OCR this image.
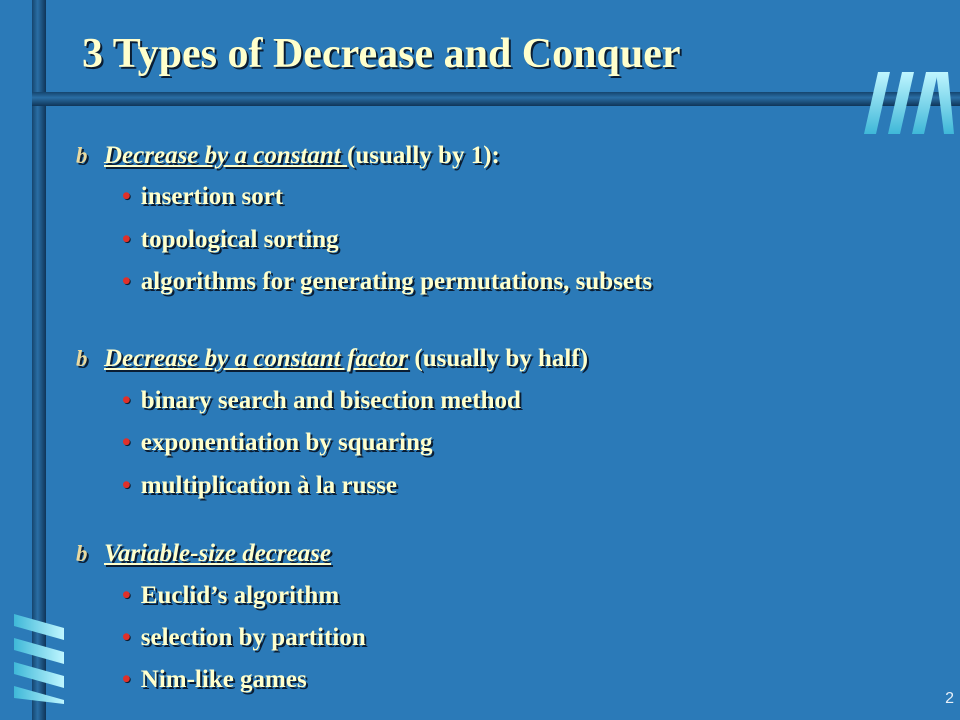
3 Types of Decrease and Conquer
b Decrease by a constant (usually by 1):
• insertion sort
• topological sorting
• algorithms for generating permutations, subsets
b Decrease by a constant factor (usually by half)
• binary search and bisection method
• exponentiation by squaring
• multiplication à la russe
b Variable-size decrease
• Euclid’s algorithm
• selection by partition
• Nim-like games
2
